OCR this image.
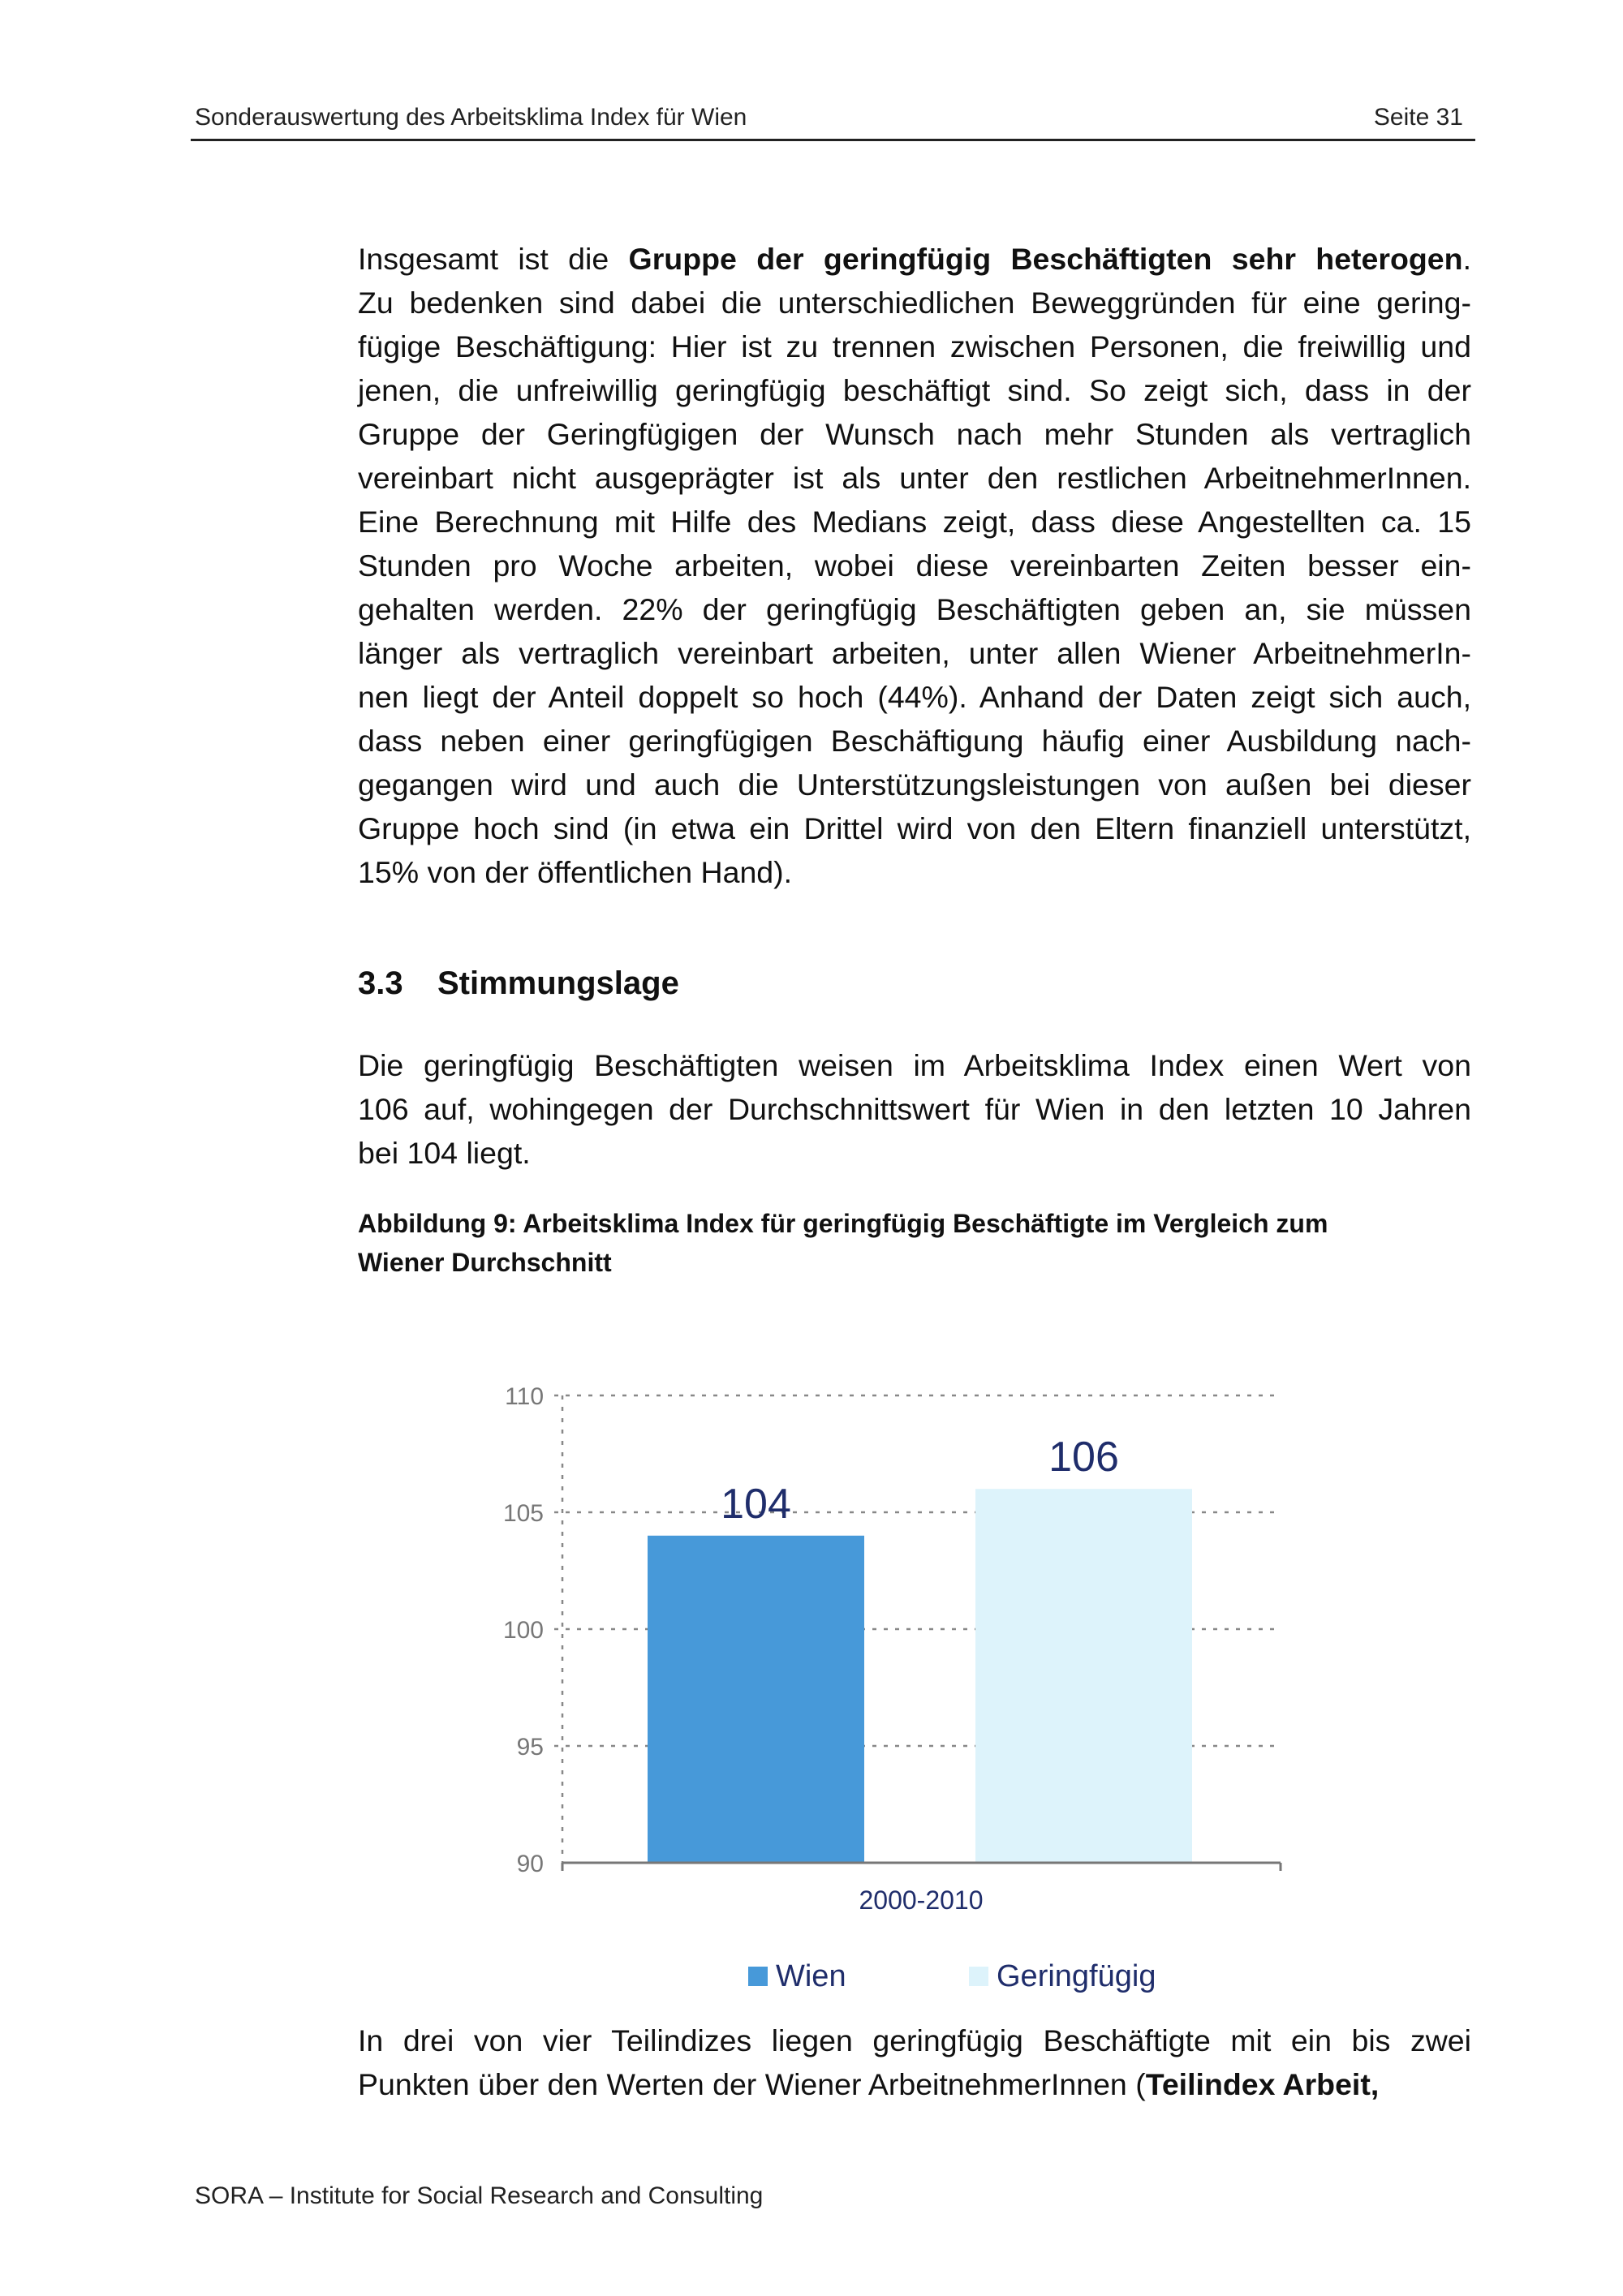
Sonderauswertung des Arbeitsklima Index für Wien	Seite 31
Insgesamt ist die Gruppe der geringfügig Beschäftigten sehr heterogen.
Zu bedenken sind dabei die unterschiedlichen Beweggründen für eine gering-
fügige Beschäftigung: Hier ist zu trennen zwischen Personen, die freiwillig und
jenen, die unfreiwillig geringfügig beschäftigt sind. So zeigt sich, dass in der
Gruppe der Geringfügigen der Wunsch nach mehr Stunden als vertraglich
vereinbart nicht ausgeprägter ist als unter den restlichen ArbeitnehmerInnen.
Eine Berechnung mit Hilfe des Medians zeigt, dass diese Angestellten ca. 15
Stunden pro Woche arbeiten, wobei diese vereinbarten Zeiten besser ein-
gehalten werden. 22% der geringfügig Beschäftigten geben an, sie müssen
länger als vertraglich vereinbart arbeiten, unter allen Wiener ArbeitnehmerIn-
nen liegt der Anteil doppelt so hoch (44%). Anhand der Daten zeigt sich auch,
dass neben einer geringfügigen Beschäftigung häufig einer Ausbildung nach-
gegangen wird und auch die Unterstützungsleistungen von außen bei dieser
Gruppe hoch sind (in etwa ein Drittel wird von den Eltern finanziell unterstützt,
15% von der öffentlichen Hand).
3.3 Stimmungslage
Die geringfügig Beschäftigten weisen im Arbeitsklima Index einen Wert von
106 auf, wohingegen der Durchschnittswert für Wien in den letzten 10 Jahren
bei 104 liegt.
Abbildung 9: Arbeitsklima Index für geringfügig Beschäftigte im Vergleich zum
Wiener Durchschnitt
90
95
100
105
110
104
106
2000-2010
Wien	Geringfügig
In drei von vier Teilindizes liegen geringfügig Beschäftigte mit ein bis zwei
Punkten über den Werten der Wiener ArbeitnehmerInnen (Teilindex Arbeit,
SORA – Institute for Social Research and Consulting
